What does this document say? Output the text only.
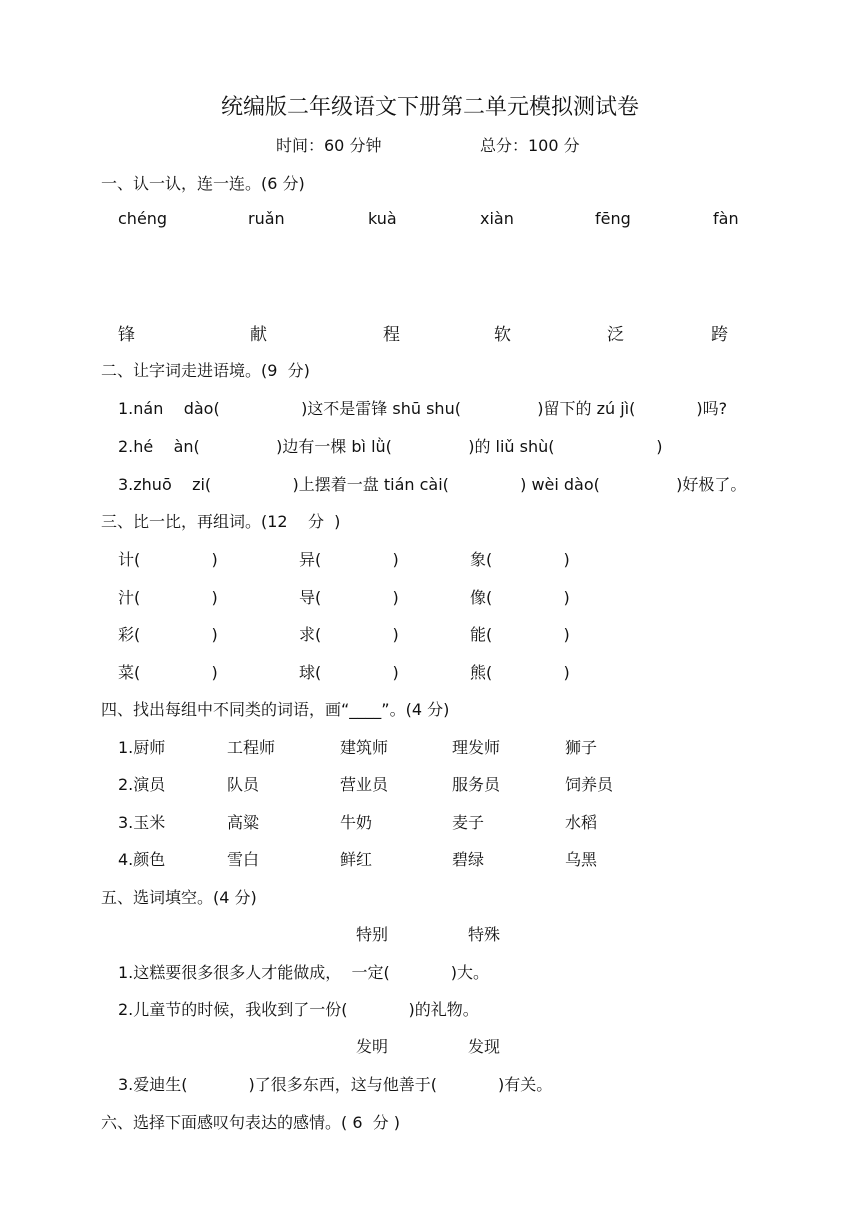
统编版二年级语文下册第二单元模拟测试卷
时间：60 分钟	总分：100 分
一、认一认，连一连。(6 分)
chéng	ruǎn	kuà	xiàn	fēng	fàn
锋	献	程	软	泛	跨
二、让字词走进语境。(9  分)
1.nán    dào(                )这不是雷锋 shū shu(               )留下的 zú jì(            )吗?
2.hé    àn(               )边有一棵 bì lǜ(               )的 liǔ shù(                    )
3.zhuō    zi(                )上摆着一盘 tián cài(              ) wèi dào(               )好极了。
三、比一比，再组词。(12    分  )
计(              )	异(              )	象(              )
汁(              )	导(              )	像(              )
彩(              )	求(              )	能(              )
菜(              )	球(              )	熊(              )
四、找出每组中不同类的词语，画“____”。(4 分)
1.厨师	工程师	建筑师	理发师	狮子
2.演员	队员	营业员	服务员	饲养员
3.玉米	高粱	牛奶	麦子	水稻
4.颜色	雪白	鲜红	碧绿	乌黑
五、选词填空。(4 分)
特别	特殊
1.这糕要很多很多人才能做成，  一定(            )大。
2.儿童节的时候，我收到了一份(            )的礼物。
发明	发现
3.爱迪生(            )了很多东西，这与他善于(            )有关。
六、选择下面感叹句表达的感情。( 6  分 )
